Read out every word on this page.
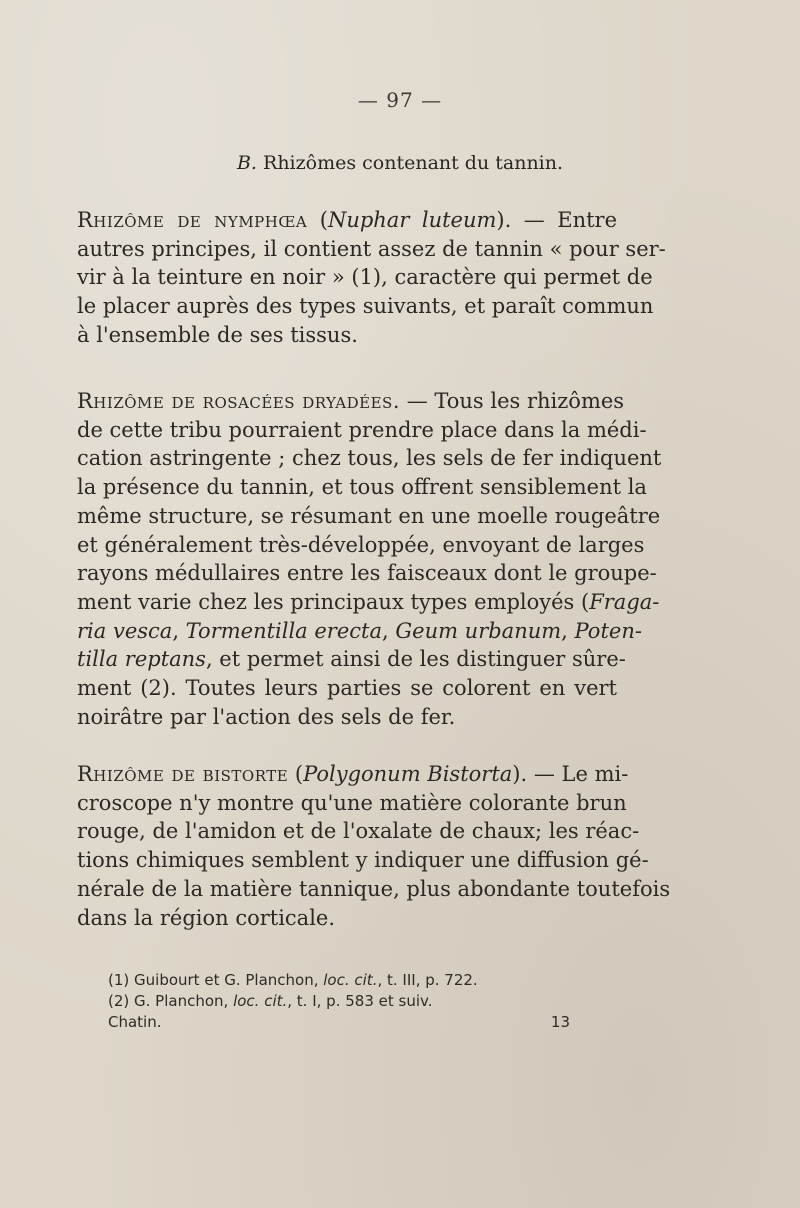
— 97 —
B. Rhizômes contenant du tannin.
Rhizôme de nymphœa (Nuphar luteum). — Entre
autres principes, il contient assez de tannin « pour ser-
vir à la teinture en noir » (1), caractère qui permet de
le placer auprès des types suivants, et paraît commun
à l'ensemble de ses tissus.
Rhizôme de rosacées dryadées. — Tous les rhizômes
de cette tribu pourraient prendre place dans la médi-
cation astringente ; chez tous, les sels de fer indiquent
la présence du tannin, et tous offrent sensiblement la
même structure, se résumant en une moelle rougeâtre
et généralement très-développée, envoyant de larges
rayons médullaires entre les faisceaux dont le groupe-
ment varie chez les principaux types employés (Fraga-
ria vesca, Tormentilla erecta, Geum urbanum, Poten-
tilla reptans, et permet ainsi de les distinguer sûre-
ment (2). Toutes leurs parties se colorent en vert
noirâtre par l'action des sels de fer.
Rhizôme de bistorte (Polygonum Bistorta). — Le mi-
croscope n'y montre qu'une matière colorante brun
rouge, de l'amidon et de l'oxalate de chaux; les réac-
tions chimiques semblent y indiquer une diffusion gé-
nérale de la matière tannique, plus abondante toutefois
dans la région corticale.
(1) Guibourt et G. Planchon, loc. cit., t. III, p. 722.
(2) G. Planchon, loc. cit., t. I, p. 583 et suiv.
Chatin.	13
